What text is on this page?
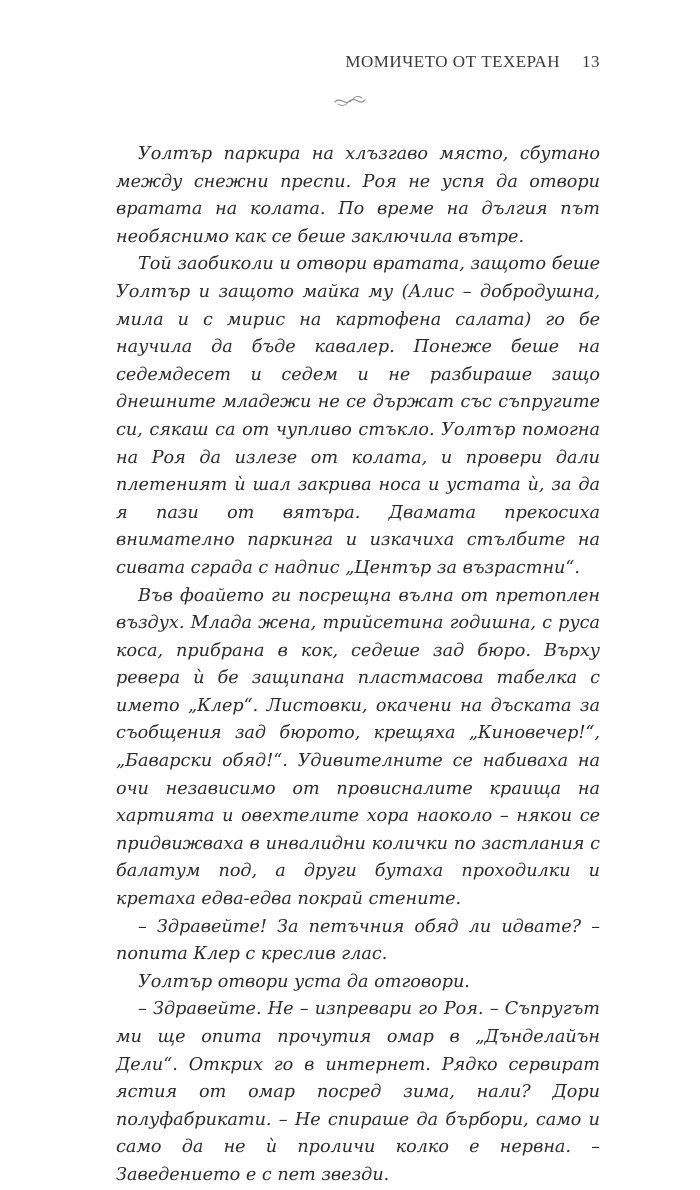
МОМИЧЕТО ОТ ТЕХЕРАН 13

Уолтър паркира на хлъзгаво място, сбутано между снежни преспи. Роя не успя да отвори вратата на колата. По време на дългия път необяснимо как се беше заключила вътре.

Той заобиколи и отвори вратата, защото беше Уолтър и защото майка му (Алис – добродушна, мила и с мирис на картофена салата) го бе научила да бъде кавалер. Понеже беше на седемдесет и седем и не разбираше защо днешните младежи не се държат със съпругите си, сякаш са от чупливо стъкло. Уолтър помогна на Роя да излезе от колата, и провери дали плетеният ѝ шал закрива носа и устата ѝ, за да я пази от вятъра. Двамата прекосиха внимателно паркинга и изкачиха стълбите на сивата сграда с надпис „Център за възрастни“.

Във фоайето ги посрещна вълна от претоплен въздух. Млада жена, трийсетина годишна, с руса коса, прибрана в кок, седеше зад бюро. Върху ревера ѝ бе защипана пластмасова табелка с името „Клер“. Листовки, окачени на дъската за съобщения зад бюрото, крещяха „Киновечер!“, „Баварски обяд!“. Удивителните се набиваха на очи независимо от провисналите краища на хартията и овехтелите хора наоколо – някои се придвижваха в инвалидни колички по застлания с балатум под, а други бутаха проходилки и кретаха едва-едва покрай стените.

– Здравейте! За петъчния обяд ли идвате? – попита Клер с креслив глас.

Уолтър отвори уста да отговори.

– Здравейте. Не – изпревари го Роя. – Съпругът ми ще опита прочутия омар в „Дънделайън Дели“. Открих го в интернет. Рядко сервират ястия от омар посред зима, нали? Дори полуфабрикати. – Не спираше да бърбори, само и само да не ѝ проличи колко е нервна. – Заведението е с пет звезди.
